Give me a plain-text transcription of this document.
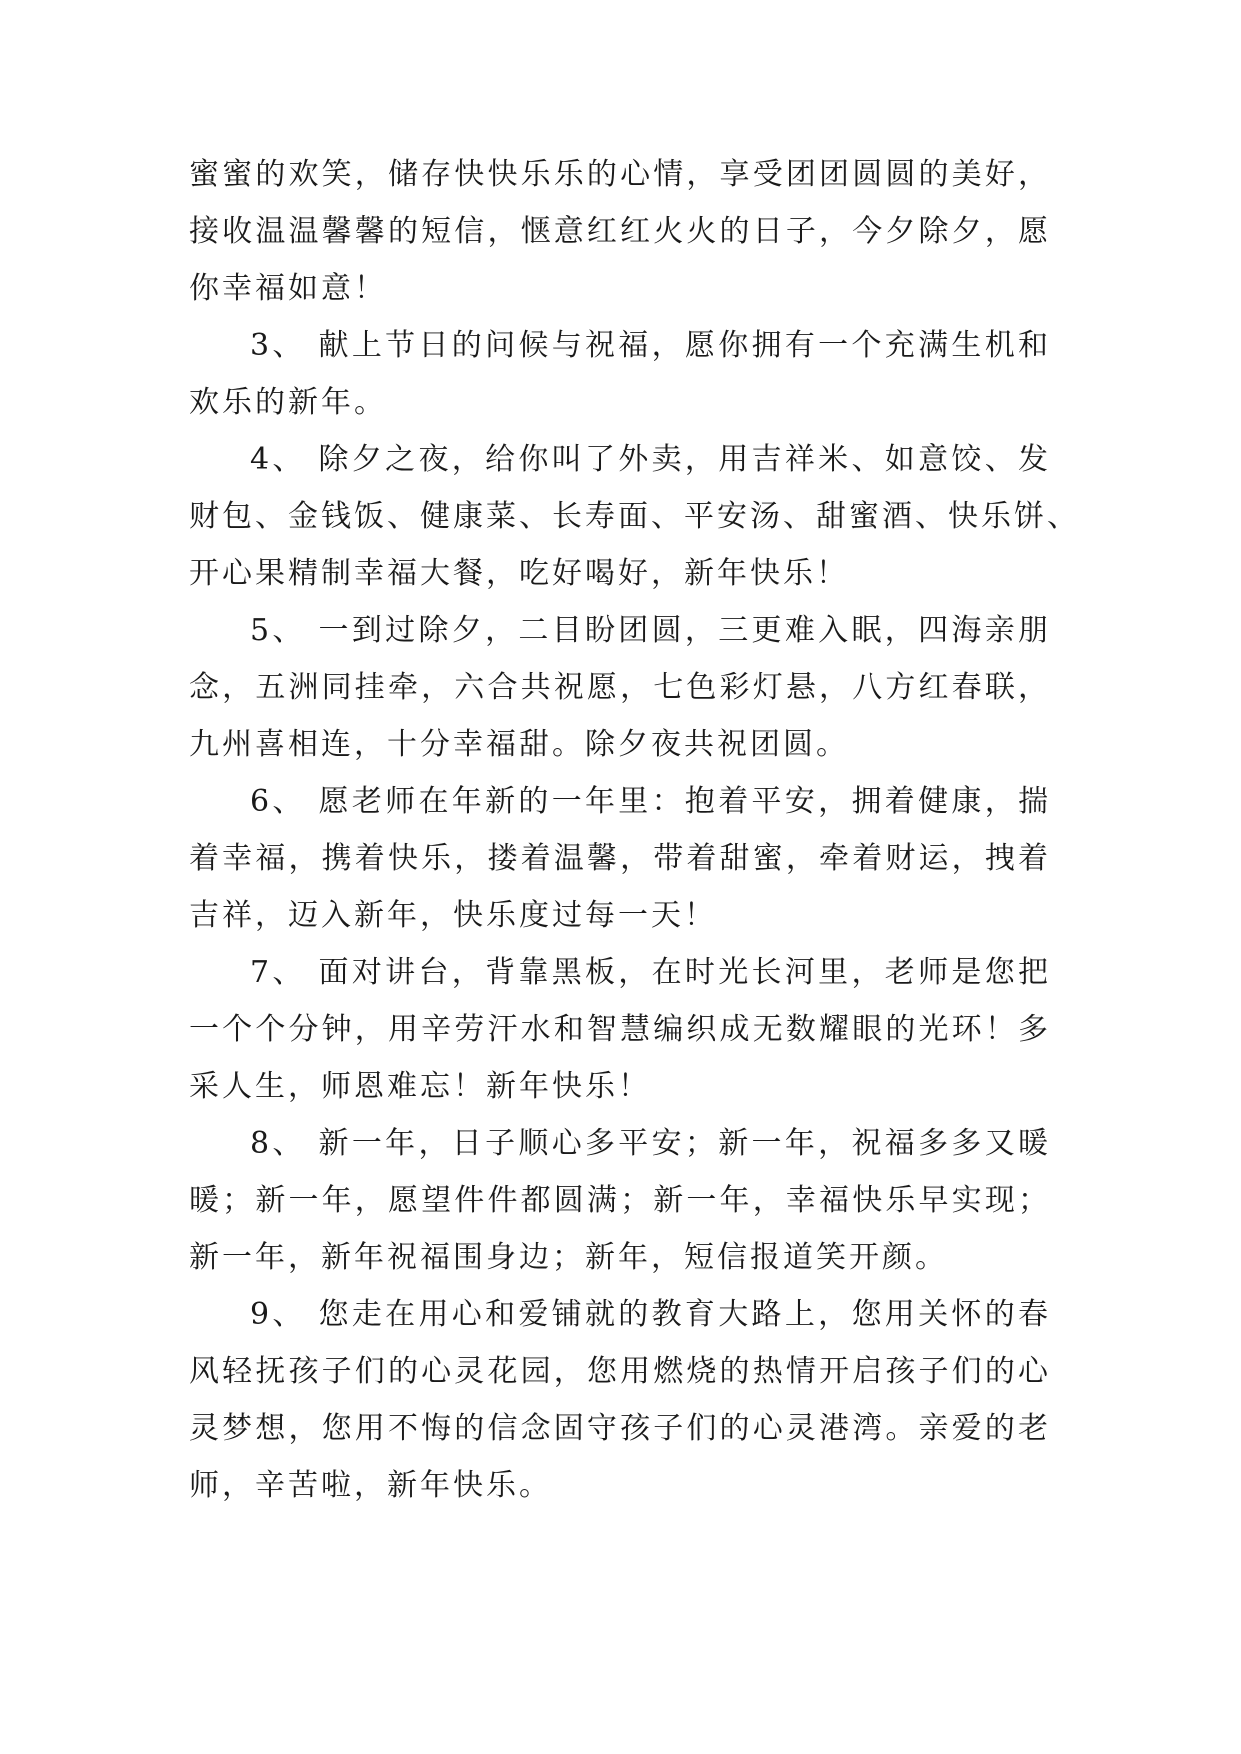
蜜蜜的欢笑，储存快快乐乐的心情，享受团团圆圆的美好，
接收温温馨馨的短信，惬意红红火火的日子，今夕除夕，愿
你幸福如意！
3、 献上节日的问候与祝福，愿你拥有一个充满生机和
欢乐的新年。
4、 除夕之夜，给你叫了外卖，用吉祥米、如意饺、发
财包、金钱饭、健康菜、长寿面、平安汤、甜蜜酒、快乐饼、
开心果精制幸福大餐，吃好喝好，新年快乐！
5、 一到过除夕，二目盼团圆，三更难入眠，四海亲朋
念，五洲同挂牵，六合共祝愿，七色彩灯悬，八方红春联，
九州喜相连，十分幸福甜。除夕夜共祝团圆。
6、 愿老师在年新的一年里：抱着平安，拥着健康，揣
着幸福，携着快乐，搂着温馨，带着甜蜜，牵着财运，拽着
吉祥，迈入新年，快乐度过每一天！
7、 面对讲台，背靠黑板，在时光长河里，老师是您把
一个个分钟，用辛劳汗水和智慧编织成无数耀眼的光环！多
采人生，师恩难忘！新年快乐！
8、 新一年，日子顺心多平安；新一年，祝福多多又暖
暖；新一年，愿望件件都圆满；新一年，幸福快乐早实现；
新一年，新年祝福围身边；新年，短信报道笑开颜。
9、 您走在用心和爱铺就的教育大路上，您用关怀的春
风轻抚孩子们的心灵花园，您用燃烧的热情开启孩子们的心
灵梦想，您用不悔的信念固守孩子们的心灵港湾。亲爱的老
师，辛苦啦，新年快乐。
